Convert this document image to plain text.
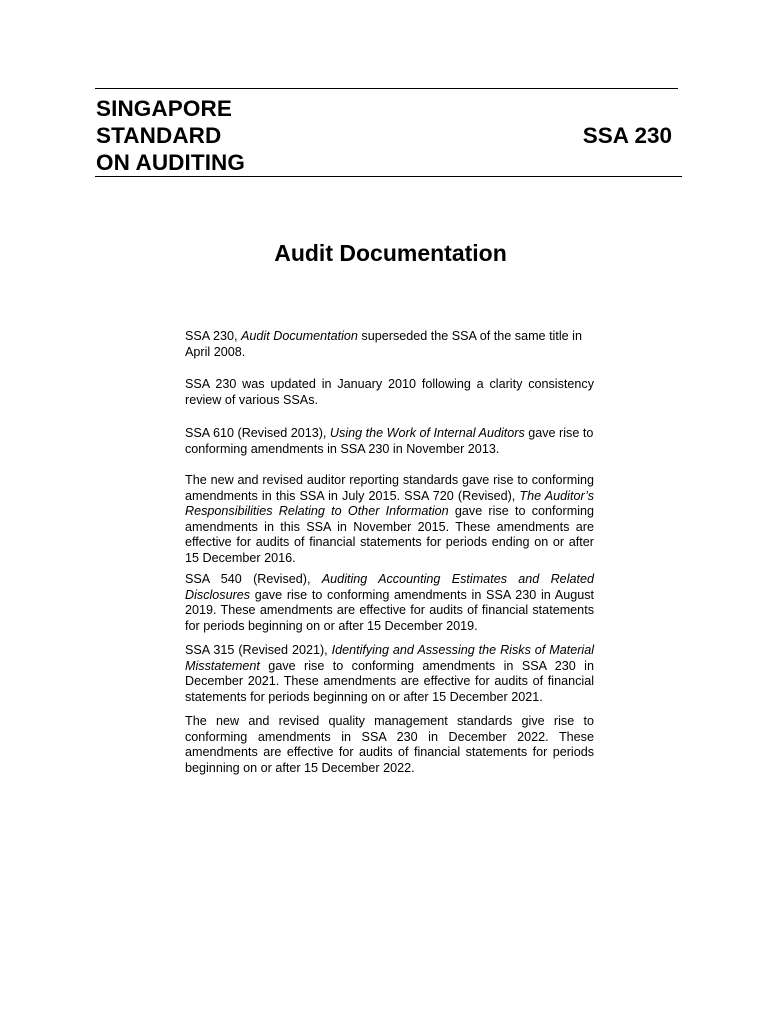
SINGAPORE
STANDARD
ON AUDITING
SSA 230
Audit Documentation

SSA 230, Audit Documentation superseded the SSA of the same title in April 2008.

SSA 230 was updated in January 2010 following a clarity consistency review of various SSAs.

SSA 610 (Revised 2013), Using the Work of Internal Auditors gave rise to conforming amendments in SSA 230 in November 2013.

The new and revised auditor reporting standards gave rise to conforming amendments in this SSA in July 2015. SSA 720 (Revised), The Auditor’s Responsibilities Relating to Other Information gave rise to conforming amendments in this SSA in November 2015. These amendments are effective for audits of financial statements for periods ending on or after 15 December 2016.

SSA 540 (Revised), Auditing Accounting Estimates and Related Disclosures gave rise to conforming amendments in SSA 230 in August 2019. These amendments are effective for audits of financial statements for periods beginning on or after 15 December 2019.

SSA 315 (Revised 2021), Identifying and Assessing the Risks of Material Misstatement gave rise to conforming amendments in SSA 230 in December 2021. These amendments are effective for audits of financial statements for periods beginning on or after 15 December 2021.

The new and revised quality management standards give rise to conforming amendments in SSA 230 in December 2022. These amendments are effective for audits of financial statements for periods beginning on or after 15 December 2022.
